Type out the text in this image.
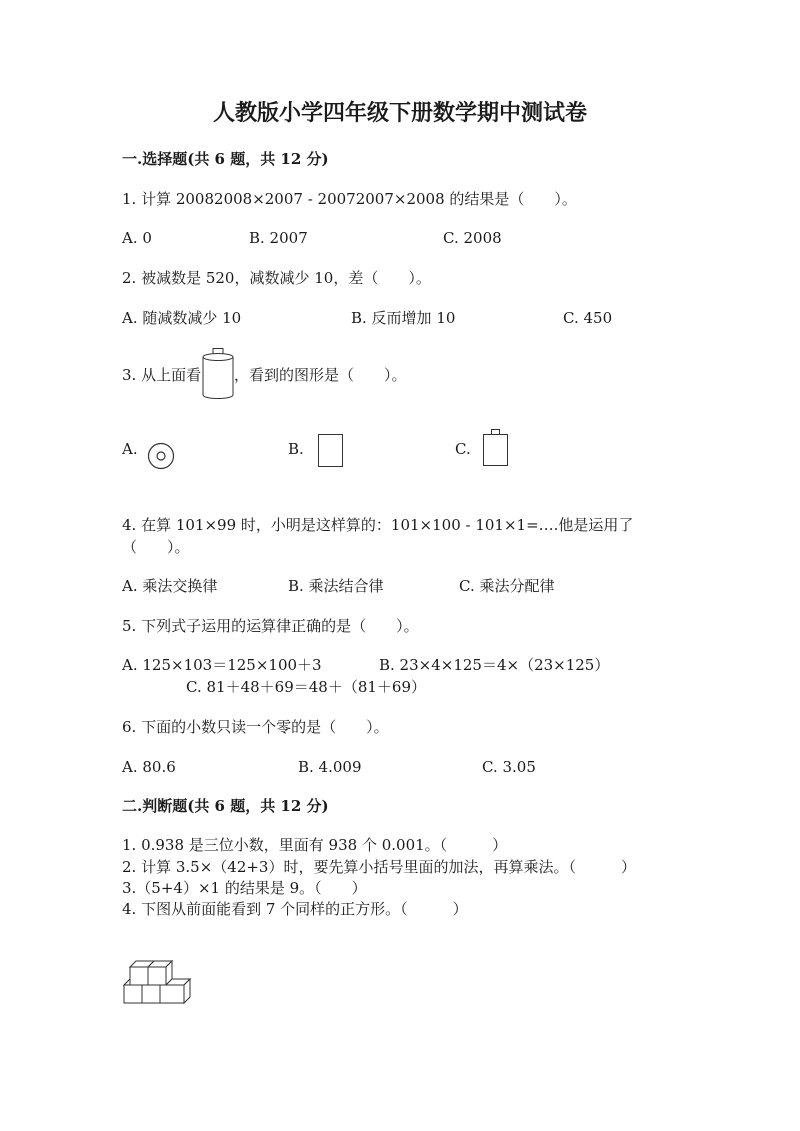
人教版小学四年级下册数学期中测试卷
一.选择题(共 6 题，共 12 分)
1. 计算 20082008×2007 - 20072007×2008 的结果是（　　）。
A. 0	B. 2007	C. 2008
2. 被减数是 520，减数减少 10，差（　　）。
A. 随减数减少 10	B. 反而增加 10	C. 450
3. 从上面看 ，看到的图形是（　　）。
A.	B.	C.
4. 在算 101×99 时，小明是这样算的：101×100 - 101×1=….他是运用了
（　　）。
A. 乘法交换律	B. 乘法结合律	C. 乘法分配律
5. 下列式子运用的运算律正确的是（　　）。
A. 125×103＝125×100＋3	B. 23×4×125＝4×（23×125）
C. 81＋48＋69＝48＋（81＋69）
6. 下面的小数只读一个零的是（　　）。
A. 80.6	B. 4.009	C. 3.05
二.判断题(共 6 题，共 12 分)
1. 0.938 是三位小数，里面有 938 个 0.001。（　　　）
2. 计算 3.5×（42+3）时，要先算小括号里面的加法，再算乘法。（　　　）
3.（5+4）×1 的结果是 9。（　　）
4. 下图从前面能看到 7 个同样的正方形。（　　　）
